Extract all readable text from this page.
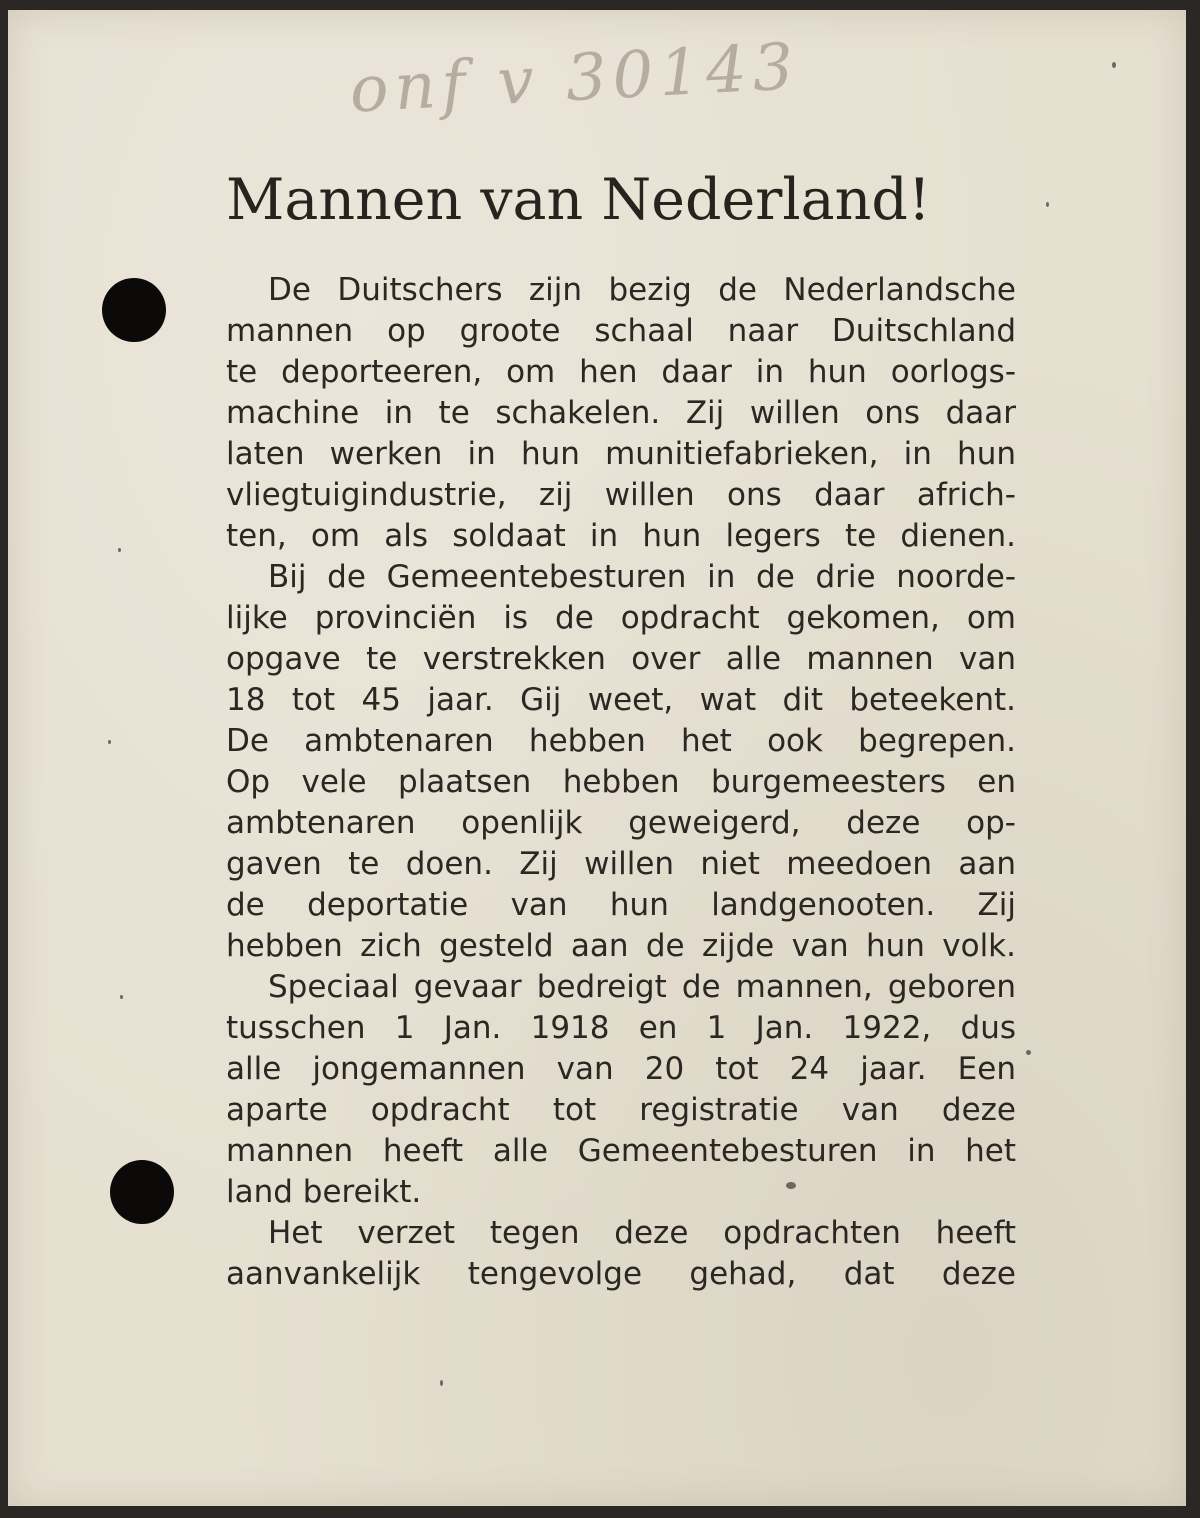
onf v 30143
Mannen van Nederland!
De Duitschers zijn bezig de Nederlandsche
mannen op groote schaal naar Duitschland
te deporteeren, om hen daar in hun oorlogs-
machine in te schakelen. Zij willen ons daar
laten werken in hun munitiefabrieken, in hun
vliegtuigindustrie, zij willen ons daar africh-
ten, om als soldaat in hun legers te dienen.
Bij de Gemeentebesturen in de drie noorde-
lijke provinciën is de opdracht gekomen, om
opgave te verstrekken over alle mannen van
18 tot 45 jaar. Gij weet, wat dit beteekent.
De ambtenaren hebben het ook begrepen.
Op vele plaatsen hebben burgemeesters en
ambtenaren openlijk geweigerd, deze op-
gaven te doen. Zij willen niet meedoen aan
de deportatie van hun landgenooten. Zij
hebben zich gesteld aan de zijde van hun volk.
Speciaal gevaar bedreigt de mannen, geboren
tusschen 1 Jan. 1918 en 1 Jan. 1922, dus
alle jongemannen van 20 tot 24 jaar. Een
aparte opdracht tot registratie van deze
mannen heeft alle Gemeentebesturen in het
land bereikt.
Het verzet tegen deze opdrachten heeft
aanvankelijk tengevolge gehad, dat deze
